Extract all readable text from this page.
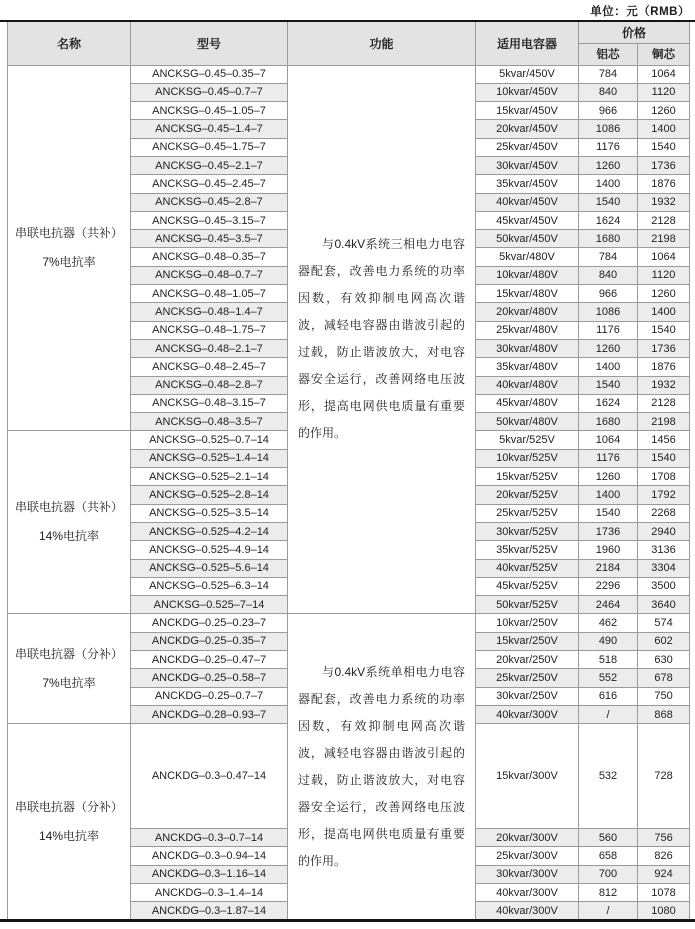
单位：元（RMB）
名称	型号	功能	适用电容器	价格	
				铝芯	铜芯

串联电抗器（共补）
7%电抗率	ANCKSG–0.45–0.35–7	与0.4kV系统三相电力电容器配套，改善电力系统的功率因数，有效抑制电网高次谐波，减轻电容器由谐波引起的过载，防止谐波放大，对电容器安全运行，改善网络电压波形，提高电网供电质量有重要的作用。	5kvar/450V	784	1064
	ANCKSG–0.45–0.7–7		10kvar/450V	840	1120
	ANCKSG–0.45–1.05–7		15kvar/450V	966	1260
	ANCKSG–0.45–1.4–7		20kvar/450V	1086	1400
	ANCKSG–0.45–1.75–7		25kvar/450V	1176	1540
	ANCKSG–0.45–2.1–7		30kvar/450V	1260	1736
	ANCKSG–0.45–2.45–7		35kvar/450V	1400	1876
	ANCKSG–0.45–2.8–7		40kvar/450V	1540	1932
	ANCKSG–0.45–3.15–7		45kvar/450V	1624	2128
	ANCKSG–0.45–3.5–7		50kvar/450V	1680	2198
	ANCKSG–0.48–0.35–7		5kvar/480V	784	1064
	ANCKSG–0.48–0.7–7		10kvar/480V	840	1120
	ANCKSG–0.48–1.05–7		15kvar/480V	966	1260
	ANCKSG–0.48–1.4–7		20kvar/480V	1086	1400
	ANCKSG–0.48–1.75–7		25kvar/480V	1176	1540
	ANCKSG–0.48–2.1–7		30kvar/480V	1260	1736
	ANCKSG–0.48–2.45–7		35kvar/480V	1400	1876
	ANCKSG–0.48–2.8–7		40kvar/480V	1540	1932
	ANCKSG–0.48–3.15–7		45kvar/480V	1624	2128
	ANCKSG–0.48–3.5–7		50kvar/480V	1680	2198

串联电抗器（共补）
14%电抗率	ANCKSG–0.525–0.7–14		5kvar/525V	1064	1456
	ANCKSG–0.525–1.4–14		10kvar/525V	1176	1540
	ANCKSG–0.525–2.1–14		15kvar/525V	1260	1708
	ANCKSG–0.525–2.8–14		20kvar/525V	1400	1792
	ANCKSG–0.525–3.5–14		25kvar/525V	1540	2268
	ANCKSG–0.525–4.2–14		30kvar/525V	1736	2940
	ANCKSG–0.525–4.9–14		35kvar/525V	1960	3136
	ANCKSG–0.525–5.6–14		40kvar/525V	2184	3304
	ANCKSG–0.525–6.3–14		45kvar/525V	2296	3500
	ANCKSG–0.525–7–14		50kvar/525V	2464	3640

串联电抗器（分补）
7%电抗率	ANCKDG–0.25–0.23–7	与0.4kV系统单相电力电容器配套，改善电力系统的功率因数，有效抑制电网高次谐波，减轻电容器由谐波引起的过载，防止谐波放大，对电容器安全运行，改善网络电压波形，提高电网供电质量有重要的作用。	10kvar/250V	462	574
	ANCKDG–0.25–0.35–7		15kvar/250V	490	602
	ANCKDG–0.25–0.47–7		20kvar/250V	518	630
	ANCKDG–0.25–0.58–7		25kvar/250V	552	678
	ANCKDG–0.25–0.7–7		30kvar/250V	616	750
	ANCKDG–0.28–0.93–7		40kvar/300V	/	868

串联电抗器（分补）
14%电抗率	ANCKDG–0.3–0.47–14		15kvar/300V	532	728
	ANCKDG–0.3–0.7–14		20kvar/300V	560	756
	ANCKDG–0.3–0.94–14		25kvar/300V	658	826
	ANCKDG–0.3–1.16–14		30kvar/300V	700	924
	ANCKDG–0.3–1.4–14		40kvar/300V	812	1078
	ANCKDG–0.3–1.87–14		40kvar/300V	/	1080
